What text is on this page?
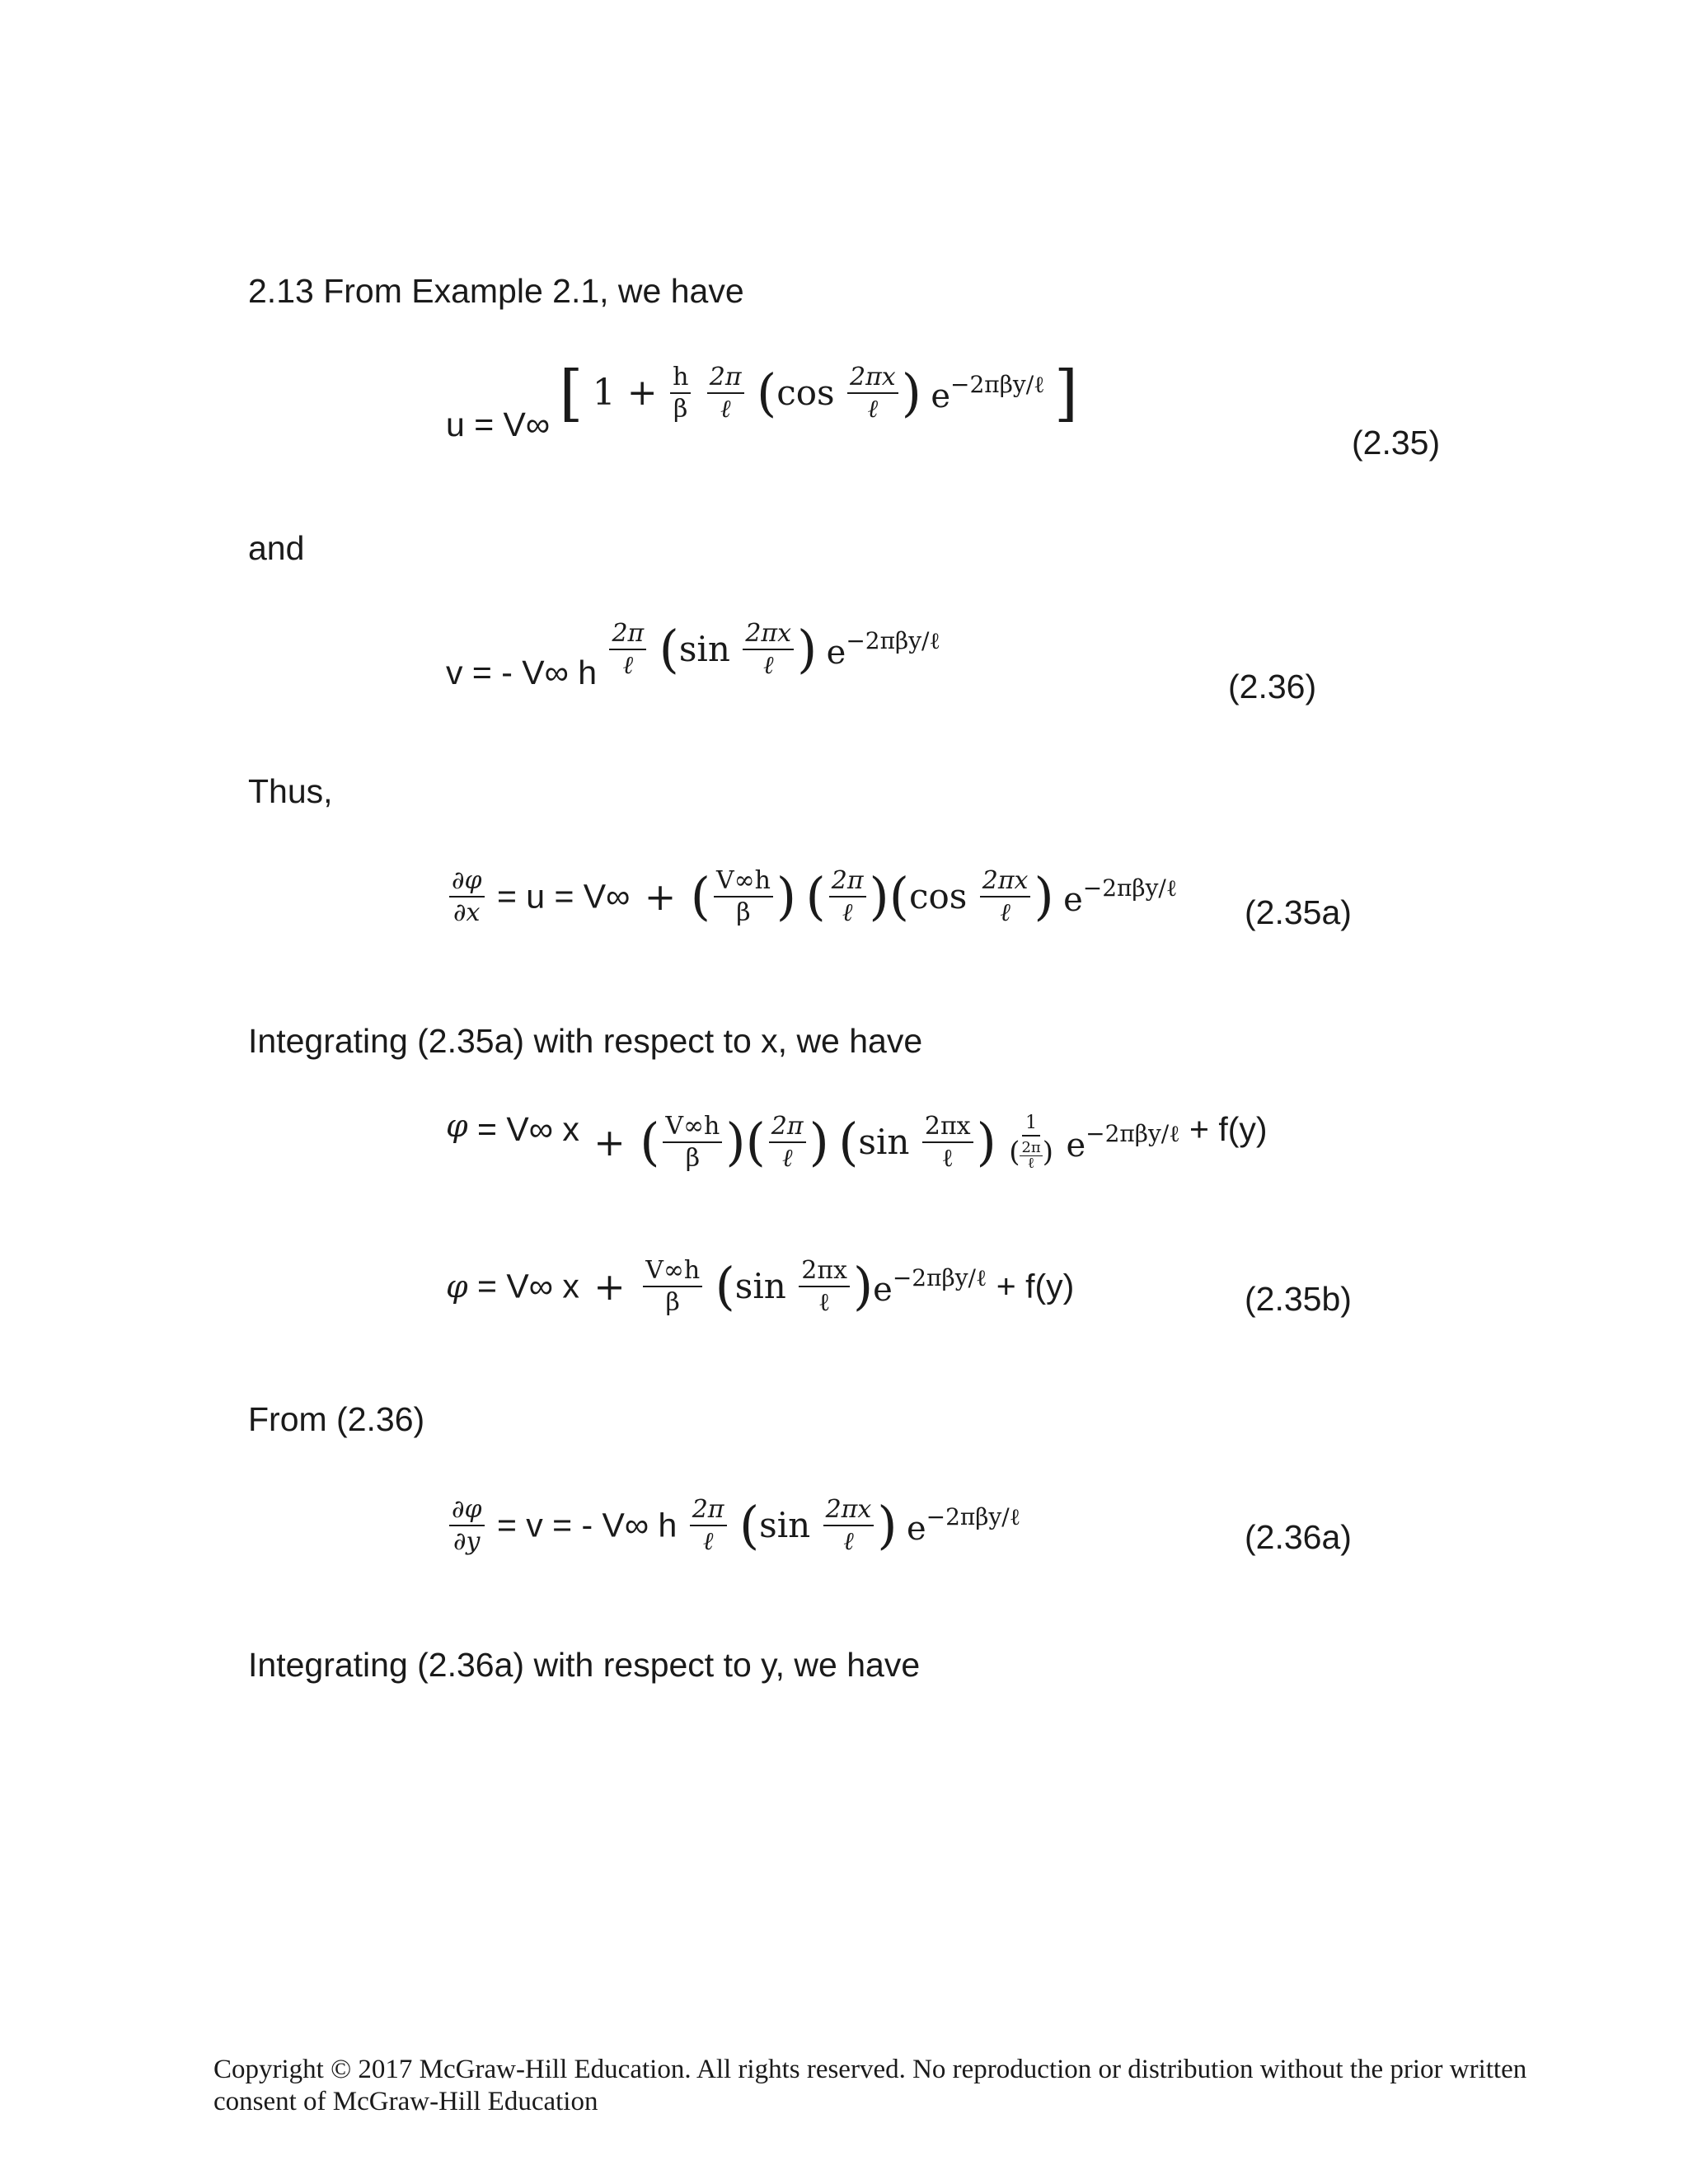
2.13 From Example 2.1, we have
u = V∞ [ $1 + \frac{h}{\beta}$
$\frac{2\pi}{\text{ℓ}} (\cos \frac{2\pi x}{\text{ℓ}}$ ) $e^{-2\pi\beta y/\ell}$ ]
(2.35)
and
v = - V∞ h $\frac{2\pi}{\text{ℓ}} (\sin \frac{2\pi x}{\text{ℓ}}$ ) $e^{-2\pi\beta y/\ell}$
(2.36)
Thus,
$\frac{\partial\varphi}{\partial x} = u = V\infty$ + ( $\frac{V\infty h}{\beta}$ ) ( $\frac{2\pi}{\text{ℓ}} )(\cos \frac{2\pi x}{\text{ℓ}}$ ) $e^{-2\pi\beta y/\ell}$
(2.35a)
Integrating (2.35a) with respect to x, we have
φ = V∞ x + ( $\frac{V\infty h}{\beta}$ )( $\frac{2\pi}{\text{ℓ}}$ ) ($\sin \frac{2\pi x}{\text{ℓ}}$ ) 1
( 2π
ℓ ) $e^{-2\pi\beta y/\ell} + f(y)$
φ = V∞ $x + \frac{V\infty h}{\beta} (\sin \frac{2\pi x}{\text{ℓ}} )e^{-2\pi\beta y/\ell} + f(y)$	(2.35b)
From (2.36)
$\frac{\partial\varphi}{\partial y} = v$ = - V∞ h $\frac{2\pi}{\text{ℓ}} (\sin \frac{2\pi x}{\text{ℓ}}$ ) $e^{-2\pi\beta y/\ell}$
(2.36a)
Integrating (2.36a) with respect to y, we have
Copyright © 2017 McGraw-Hill Education. All rights reserved. No reproduction or distribution without the prior written consent of McGraw-Hill Education
